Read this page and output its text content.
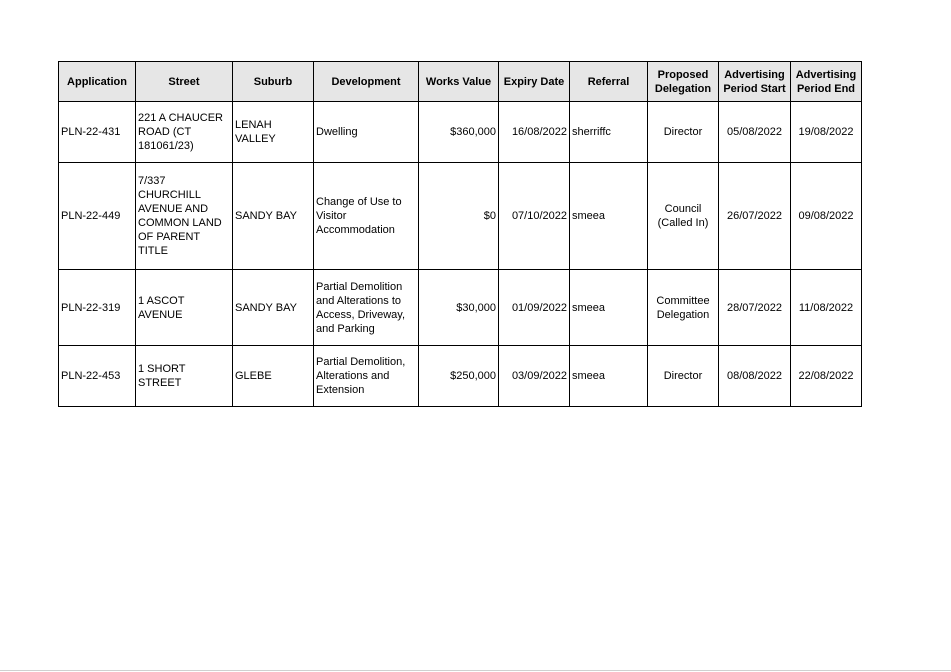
Application	Street	Suburb	Development	Works Value	Expiry Date	Referral	Proposed Delegation	Advertising Period Start	Advertising Period End
PLN-22-431	221 A CHAUCER ROAD (CT 181061/23)	LENAH VALLEY	Dwelling	$360,000	16/08/2022	sherriffc	Director	05/08/2022	19/08/2022
PLN-22-449	7/337 CHURCHILL AVENUE AND COMMON LAND OF PARENT TITLE	SANDY BAY	Change of Use to Visitor Accommodation	$0	07/10/2022	smeea	Council (Called In)	26/07/2022	09/08/2022
PLN-22-319	1 ASCOT AVENUE	SANDY BAY	Partial Demolition and Alterations to Access, Driveway, and Parking	$30,000	01/09/2022	smeea	Committee Delegation	28/07/2022	11/08/2022
PLN-22-453	1 SHORT STREET	GLEBE	Partial Demolition, Alterations and Extension	$250,000	03/09/2022	smeea	Director	08/08/2022	22/08/2022
